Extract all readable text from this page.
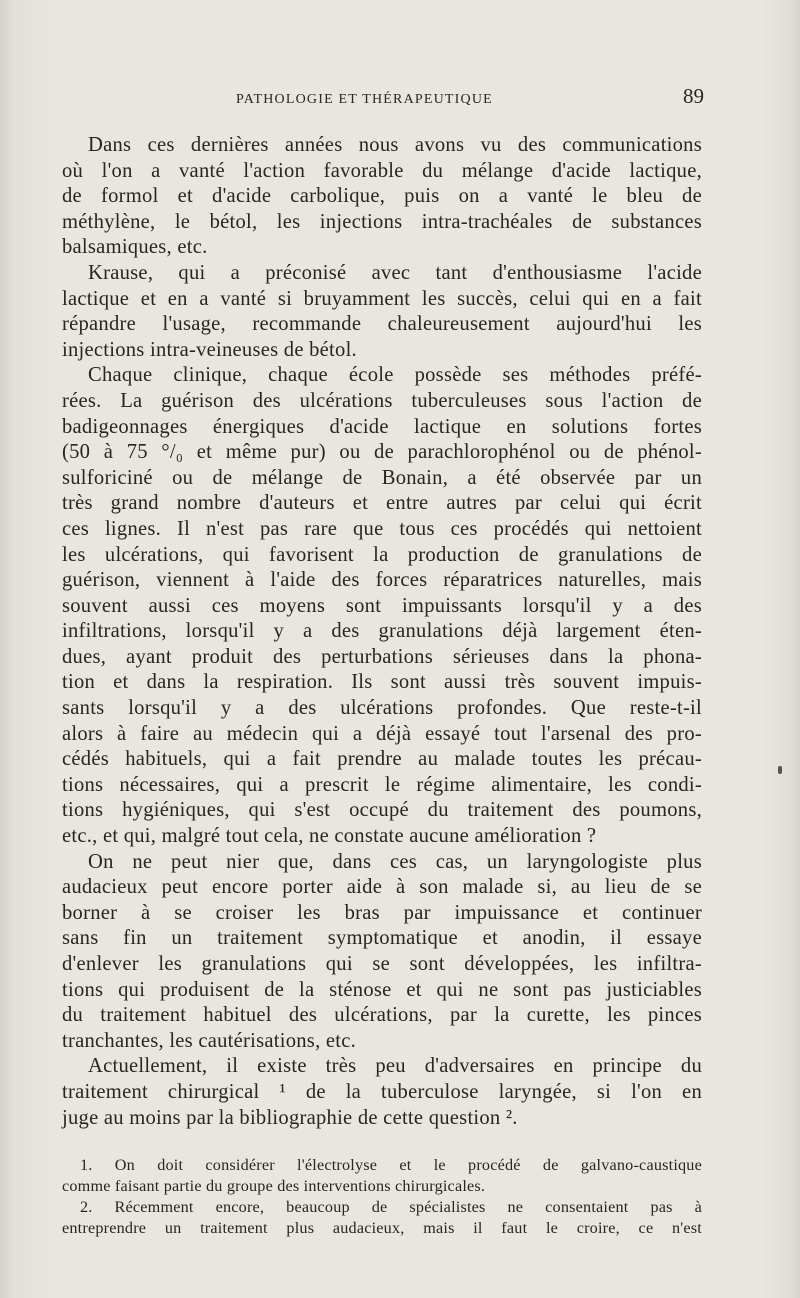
PATHOLOGIE ET THÉRAPEUTIQUE	89
Dans ces dernières années nous avons vu des communications
où l'on a vanté l'action favorable du mélange d'acide lactique,
de formol et d'acide carbolique, puis on a vanté le bleu de
méthylène, le bétol, les injections intra-trachéales de substances
balsamiques, etc.
Krause, qui a préconisé avec tant d'enthousiasme l'acide
lactique et en a vanté si bruyamment les succès, celui qui en a fait
répandre l'usage, recommande chaleureusement aujourd'hui les
injections intra-veineuses de bétol.
Chaque clinique, chaque école possède ses méthodes préfé-
rées. La guérison des ulcérations tuberculeuses sous l'action de
badigeonnages énergiques d'acide lactique en solutions fortes
(50 à 75 °/₀ et même pur) ou de parachlorophénol ou de phénol-
sulforiciné ou de mélange de Bonain, a été observée par un
très grand nombre d'auteurs et entre autres par celui qui écrit
ces lignes. Il n'est pas rare que tous ces procédés qui nettoient
les ulcérations, qui favorisent la production de granulations de
guérison, viennent à l'aide des forces réparatrices naturelles, mais
souvent aussi ces moyens sont impuissants lorsqu'il y a des
infiltrations, lorsqu'il y a des granulations déjà largement éten-
dues, ayant produit des perturbations sérieuses dans la phona-
tion et dans la respiration. Ils sont aussi très souvent impuis-
sants lorsqu'il y a des ulcérations profondes. Que reste-t-il
alors à faire au médecin qui a déjà essayé tout l'arsenal des pro-
cédés habituels, qui a fait prendre au malade toutes les précau-
tions nécessaires, qui a prescrit le régime alimentaire, les condi-
tions hygiéniques, qui s'est occupé du traitement des poumons,
etc., et qui, malgré tout cela, ne constate aucune amélioration ?
On ne peut nier que, dans ces cas, un laryngologiste plus
audacieux peut encore porter aide à son malade si, au lieu de se
borner à se croiser les bras par impuissance et continuer
sans fin un traitement symptomatique et anodin, il essaye
d'enlever les granulations qui se sont développées, les infiltra-
tions qui produisent de la sténose et qui ne sont pas justiciables
du traitement habituel des ulcérations, par la curette, les pinces
tranchantes, les cautérisations, etc.
Actuellement, il existe très peu d'adversaires en principe du
traitement chirurgical ¹ de la tuberculose laryngée, si l'on en
juge au moins par la bibliographie de cette question ².
1. On doit considérer l'électrolyse et le procédé de galvano-caustique
comme faisant partie du groupe des interventions chirurgicales.
2. Récemment encore, beaucoup de spécialistes ne consentaient pas à
entreprendre un traitement plus audacieux, mais il faut le croire, ce n'est
